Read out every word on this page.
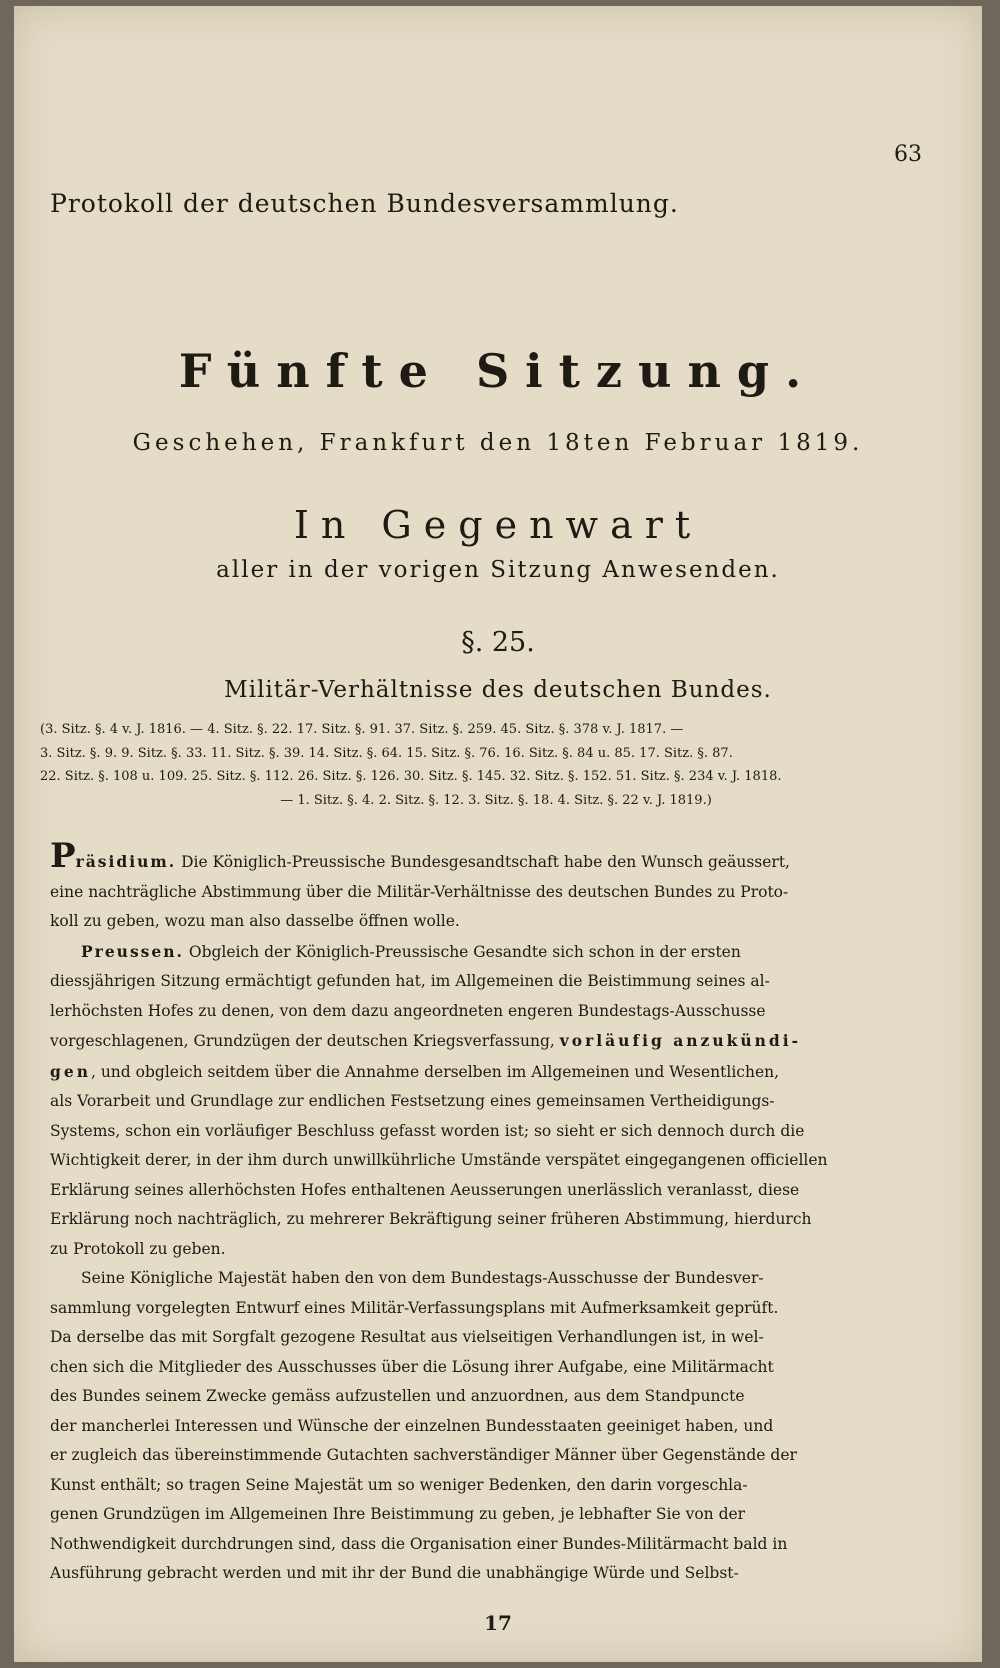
63
Protokoll der deutschen Bundesversammlung.
Fünfte Sitzung.
Geschehen, Frankfurt den 18ten Februar 1819.
In Gegenwart
aller in der vorigen Sitzung Anwesenden.
§. 25.
Militär-Verhältnisse des deutschen Bundes.
(3. Sitz. §. 4 v. J. 1816. — 4. Sitz. §. 22. 17. Sitz. §. 91. 37. Sitz. §. 259. 45. Sitz. §. 378 v. J. 1817. —
3. Sitz. §. 9. 9. Sitz. §. 33. 11. Sitz. §. 39. 14. Sitz. §. 64. 15. Sitz. §. 76. 16. Sitz. §. 84 u. 85. 17. Sitz. §. 87.
22. Sitz. §. 108 u. 109. 25. Sitz. §. 112. 26. Sitz. §. 126. 30. Sitz. §. 145. 32. Sitz. §. 152. 51. Sitz. §. 234 v. J. 1818.
— 1. Sitz. §. 4. 2. Sitz. §. 12. 3. Sitz. §. 18. 4. Sitz. §. 22 v. J. 1819.)
Präsidium. Die Königlich-Preussische Bundesgesandtschaft habe den Wunsch geäussert,
eine nachträgliche Abstimmung über die Militär-Verhältnisse des deutschen Bundes zu Proto-
koll zu geben, wozu man also dasselbe öffnen wolle.
  Preussen. Obgleich der Königlich-Preussische Gesandte sich schon in der ersten
diessjährigen Sitzung ermächtigt gefunden hat, im Allgemeinen die Beistimmung seines al-
lerhöchsten Hofes zu denen, von dem dazu angeordneten engeren Bundestags-Ausschusse
vorgeschlagenen, Grundzügen der deutschen Kriegsverfassung, vorläufig anzukündi-
gen, und obgleich seitdem über die Annahme derselben im Allgemeinen und Wesentlichen,
als Vorarbeit und Grundlage zur endlichen Festsetzung eines gemeinsamen Vertheidigungs-
Systems, schon ein vorläufiger Beschluss gefasst worden ist; so sieht er sich dennoch durch die
Wichtigkeit derer, in der ihm durch unwillkührliche Umstände verspätet eingegangenen officiellen
Erklärung seines allerhöchsten Hofes enthaltenen Aeusserungen unerlässlich veranlasst, diese
Erklärung noch nachträglich, zu mehrerer Bekräftigung seiner früheren Abstimmung, hierdurch
zu Protokoll zu geben.
  Seine Königliche Majestät haben den von dem Bundestags-Ausschusse der Bundesver-
sammlung vorgelegten Entwurf eines Militär-Verfassungsplans mit Aufmerksamkeit geprüft.
Da derselbe das mit Sorgfalt gezogene Resultat aus vielseitigen Verhandlungen ist, in wel-
chen sich die Mitglieder des Ausschusses über die Lösung ihrer Aufgabe, eine Militärmacht
des Bundes seinem Zwecke gemäss aufzustellen und anzuordnen, aus dem Standpuncte
der mancherlei Interessen und Wünsche der einzelnen Bundesstaaten geeiniget haben, und
er zugleich das übereinstimmende Gutachten sachverständiger Männer über Gegenstände der
Kunst enthält; so tragen Seine Majestät um so weniger Bedenken, den darin vorgeschla-
genen Grundzügen im Allgemeinen Ihre Beistimmung zu geben, je lebhafter Sie von der
Nothwendigkeit durchdrungen sind, dass die Organisation einer Bundes-Militärmacht bald in
Ausführung gebracht werden und mit ihr der Bund die unabhängige Würde und Selbst-
17
